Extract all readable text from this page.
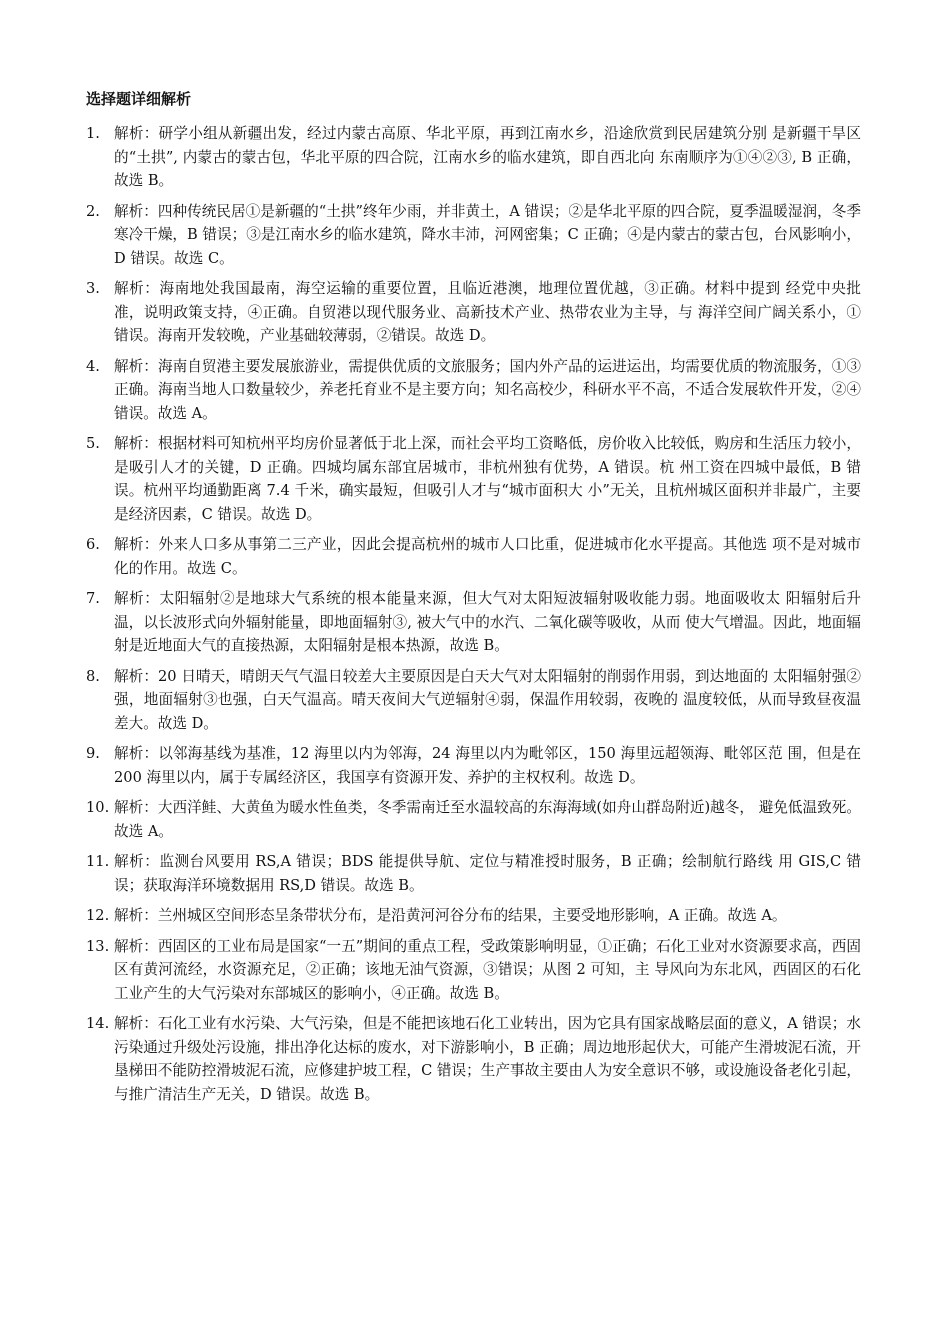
选择题详细解析
1. 解析：研学小组从新疆出发，经过内蒙古高原、华北平原，再到江南水乡，沿途欣赏到民居建筑分别 是新疆干旱区的“土拱”, 内蒙古的蒙古包，华北平原的四合院，江南水乡的临水建筑，即自西北向 东南顺序为①④②③, B 正确，故选 B。
2. 解析：四种传统民居①是新疆的“土拱”终年少雨，并非黄土，A 错误；②是华北平原的四合院，夏季温暖湿润，冬季寒冷干燥，B 错误；③是江南水乡的临水建筑，降水丰沛，河网密集；C 正确；④是内蒙古的蒙古包，台风影响小，D 错误。故选 C。
3. 解析：海南地处我国最南，海空运输的重要位置，且临近港澳，地理位置优越，③正确。材料中提到 经党中央批准，说明政策支持，④正确。自贸港以现代服务业、高新技术产业、热带农业为主导，与 海洋空间广阔关系小，①错误。海南开发较晚，产业基础较薄弱，②错误。故选 D。
4. 解析：海南自贸港主要发展旅游业，需提供优质的文旅服务；国内外产品的运进运出，均需要优质的物流服务，①③正确。海南当地人口数量较少，养老托育业不是主要方向；知名高校少，科研水平不高，不适合发展软件开发，②④错误。故选 A。
5. 解析：根据材料可知杭州平均房价显著低于北上深，而社会平均工资略低，房价收入比较低，购房和生活压力较小，是吸引人才的关键，D 正确。四城均属东部宜居城市，非杭州独有优势，A 错误。杭 州工资在四城中最低，B 错误。杭州平均通勤距离 7.4 千米，确实最短，但吸引人才与“城市面积大 小”无关，且杭州城区面积并非最广，主要是经济因素，C 错误。故选 D。
6. 解析：外来人口多从事第二三产业，因此会提高杭州的城市人口比重，促进城市化水平提高。其他选 项不是对城市化的作用。故选 C。
7. 解析：太阳辐射②是地球大气系统的根本能量来源，但大气对太阳短波辐射吸收能力弱。地面吸收太 阳辐射后升温，以长波形式向外辐射能量，即地面辐射③, 被大气中的水汽、二氧化碳等吸收，从而 使大气增温。因此，地面辐射是近地面大气的直接热源，太阳辐射是根本热源，故选 B。
8. 解析：20 日晴天，晴朗天气气温日较差大主要原因是白天大气对太阳辐射的削弱作用弱，到达地面的 太阳辐射强②强，地面辐射③也强，白天气温高。晴天夜间大气逆辐射④弱，保温作用较弱，夜晚的 温度较低，从而导致昼夜温差大。故选 D。
9. 解析：以邻海基线为基准，12 海里以内为邻海，24 海里以内为毗邻区，150 海里远超领海、毗邻区范 围，但是在 200 海里以内，属于专属经济区，我国享有资源开发、养护的主权权利。故选 D。
10. 解析：大西洋鲑、大黄鱼为暖水性鱼类，冬季需南迁至水温较高的东海海域(如舟山群岛附近)越冬， 避免低温致死。故选 A。
11. 解析：监测台风要用 RS,A 错误；BDS 能提供导航、定位与精准授时服务，B 正确；绘制航行路线 用 GIS,C 错误；获取海洋环境数据用 RS,D 错误。故选 B。
12. 解析：兰州城区空间形态呈条带状分布，是沿黄河河谷分布的结果，主要受地形影响，A 正确。故选 A。
13. 解析：西固区的工业布局是国家“一五”期间的重点工程，受政策影响明显，①正确；石化工业对水资源要求高，西固区有黄河流经，水资源充足，②正确；该地无油气资源，③错误；从图 2 可知，主 导风向为东北风，西固区的石化工业产生的大气污染对东部城区的影响小，④正确。故选 B。
14. 解析：石化工业有水污染、大气污染，但是不能把该地石化工业转出，因为它具有国家战略层面的意义，A 错误；水污染通过升级处污设施，排出净化达标的废水，对下游影响小，B 正确；周边地形起伏大，可能产生滑坡泥石流，开垦梯田不能防控滑坡泥石流，应修建护坡工程，C 错误；生产事故主要由人为安全意识不够，或设施设备老化引起，与推广清洁生产无关，D 错误。故选 B。
